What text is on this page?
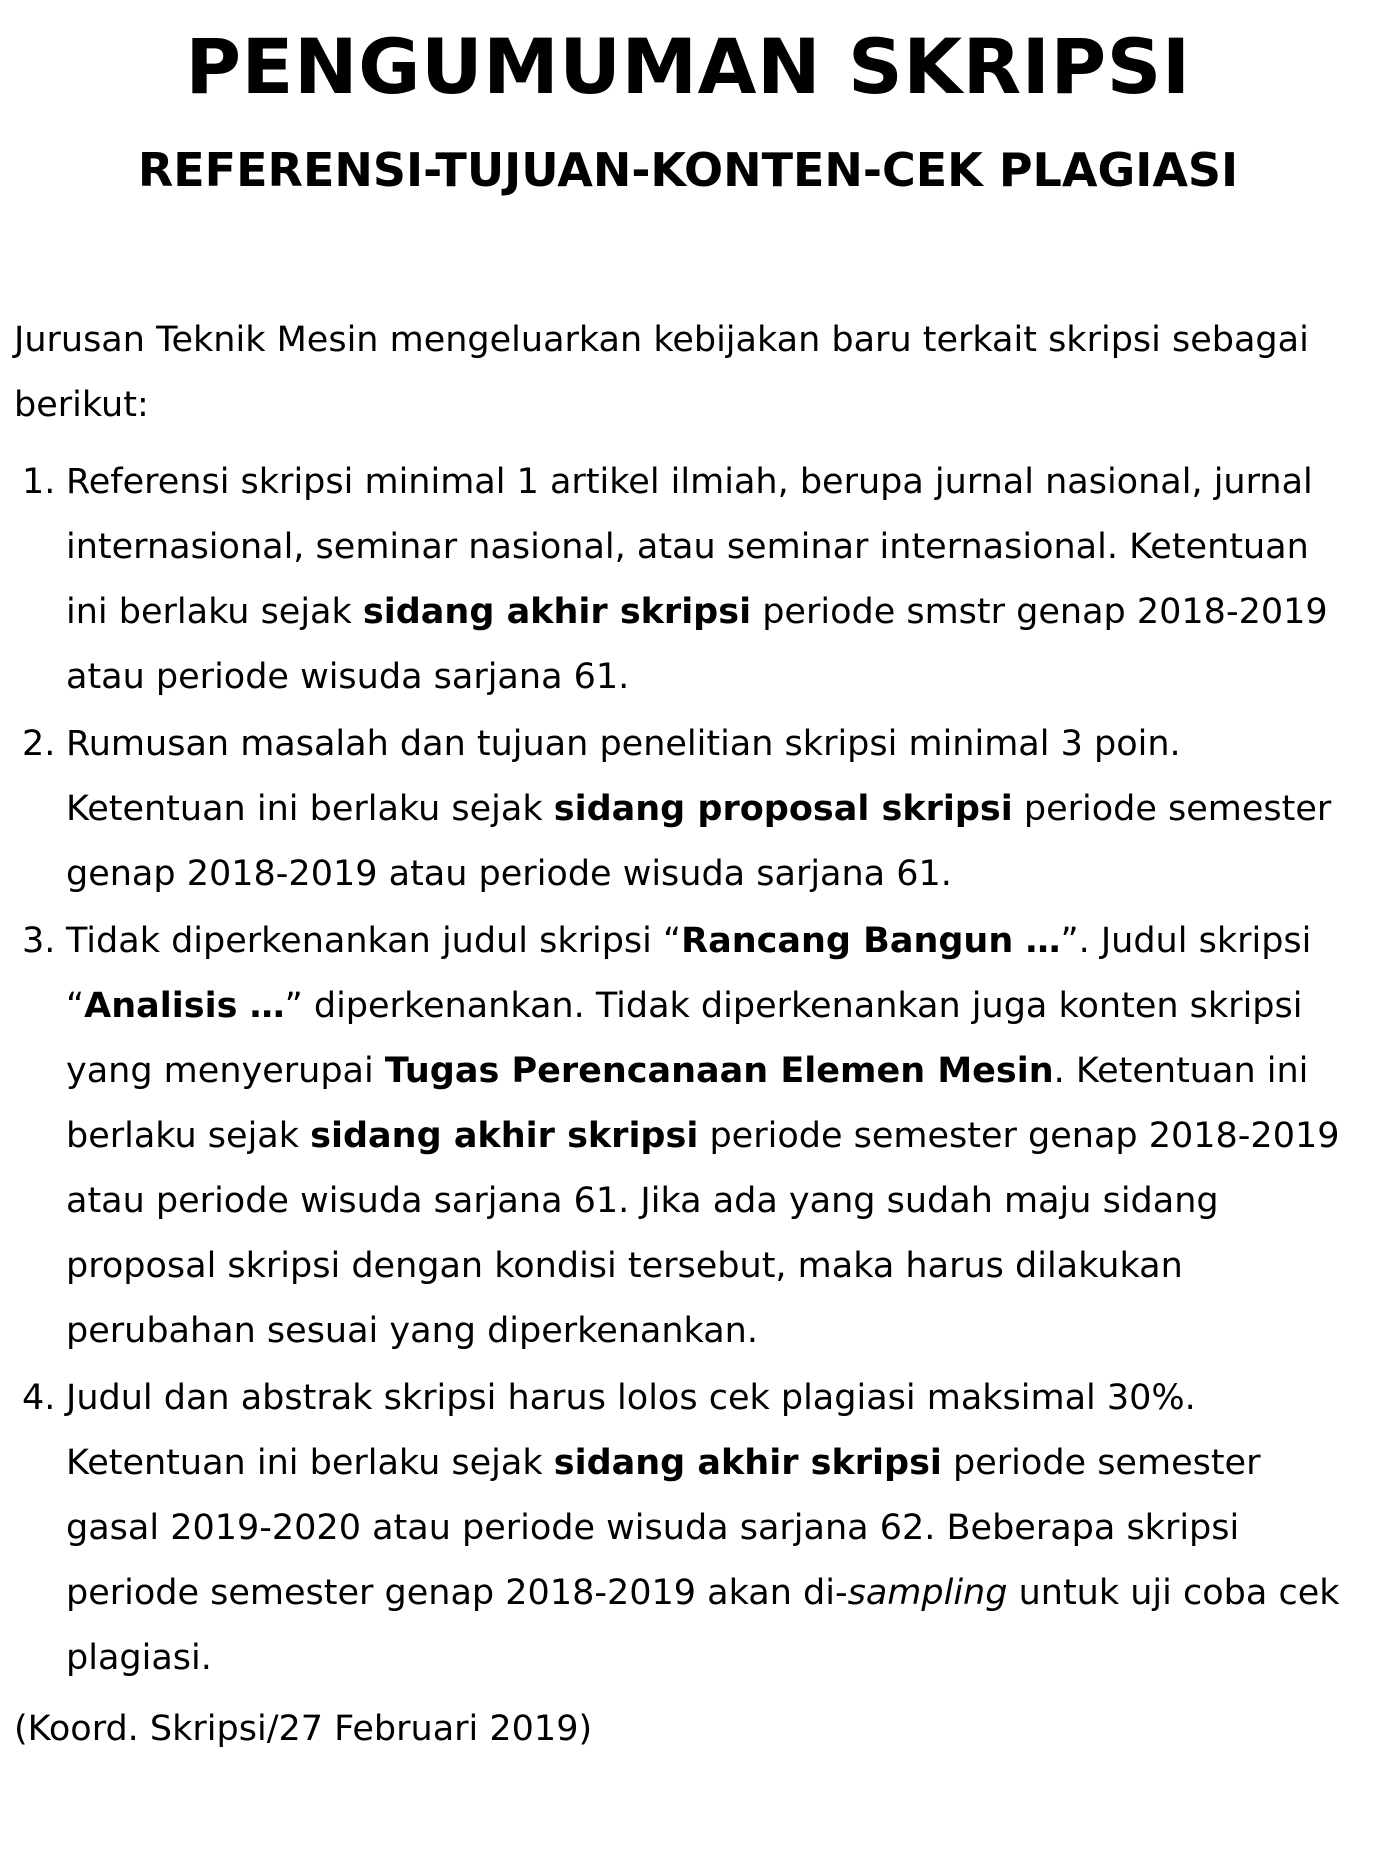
PENGUMUMAN SKRIPSI
REFERENSI-TUJUAN-KONTEN-CEK PLAGIASI

Jurusan Teknik Mesin mengeluarkan kebijakan baru terkait skripsi sebagai berikut:

1. Referensi skripsi minimal 1 artikel ilmiah, berupa jurnal nasional, jurnal internasional, seminar nasional, atau seminar internasional. Ketentuan ini berlaku sejak sidang akhir skripsi periode smstr genap 2018-2019 atau periode wisuda sarjana 61.
2. Rumusan masalah dan tujuan penelitian skripsi minimal 3 poin. Ketentuan ini berlaku sejak sidang proposal skripsi periode semester genap 2018-2019 atau periode wisuda sarjana 61.
3. Tidak diperkenankan judul skripsi “Rancang Bangun …”. Judul skripsi “Analisis …” diperkenankan. Tidak diperkenankan juga konten skripsi yang menyerupai Tugas Perencanaan Elemen Mesin. Ketentuan ini berlaku sejak sidang akhir skripsi periode semester genap 2018-2019 atau periode wisuda sarjana 61. Jika ada yang sudah maju sidang proposal skripsi dengan kondisi tersebut, maka harus dilakukan perubahan sesuai yang diperkenankan.
4. Judul dan abstrak skripsi harus lolos cek plagiasi maksimal 30%. Ketentuan ini berlaku sejak sidang akhir skripsi periode semester gasal 2019-2020 atau periode wisuda sarjana 62. Beberapa skripsi periode semester genap 2018-2019 akan di-sampling untuk uji coba cek plagiasi.

(Koord. Skripsi/27 Februari 2019)
